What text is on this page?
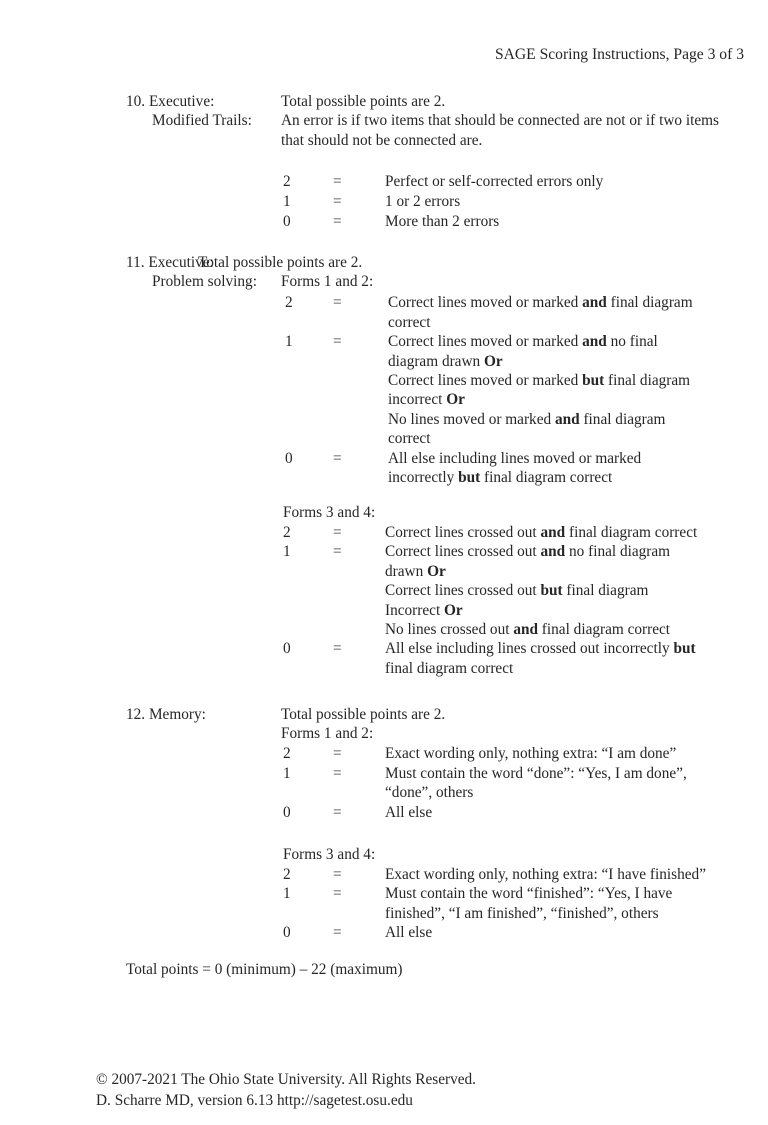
SAGE Scoring Instructions, Page 3 of 3
10. Executive:
Modified Trails:
Total possible points are 2.
An error is if two items that should be connected are not or if two items that should not be connected are.
2	=	Perfect or self-corrected errors only
1	=	1 or 2 errors
0	=	More than 2 errors
11. Executive:
Total possible points are 2.
Problem solving: Forms 1 and 2:
2	=	Correct lines moved or marked and final diagram
correct
1	=	Correct lines moved or marked and no final
diagram drawn Or
Correct lines moved or marked but final diagram
incorrect Or
No lines moved or marked and final diagram
correct
0	=	All else including lines moved or marked
incorrectly but final diagram correct
Forms 3 and 4:
2	=	Correct lines crossed out and final diagram correct
1	=	Correct lines crossed out and no final diagram
drawn Or
Correct lines crossed out but final diagram
Incorrect Or
No lines crossed out and final diagram correct
0	=	All else including lines crossed out incorrectly but
final diagram correct
12. Memory:	Total possible points are 2.
Forms 1 and 2:
2	=	Exact wording only, nothing extra: “I am done”
1	=	Must contain the word “done”: “Yes, I am done”,
“done”, others
0	=	All else
Forms 3 and 4:
2	=	Exact wording only, nothing extra: “I have finished”
1	=	Must contain the word “finished”: “Yes, I have
finished”, “I am finished”, “finished”, others
0	=	All else
Total points = 0 (minimum) – 22 (maximum)
© 2007-2021 The Ohio State University. All Rights Reserved.
D. Scharre MD, version 6.13 http://sagetest.osu.edu
